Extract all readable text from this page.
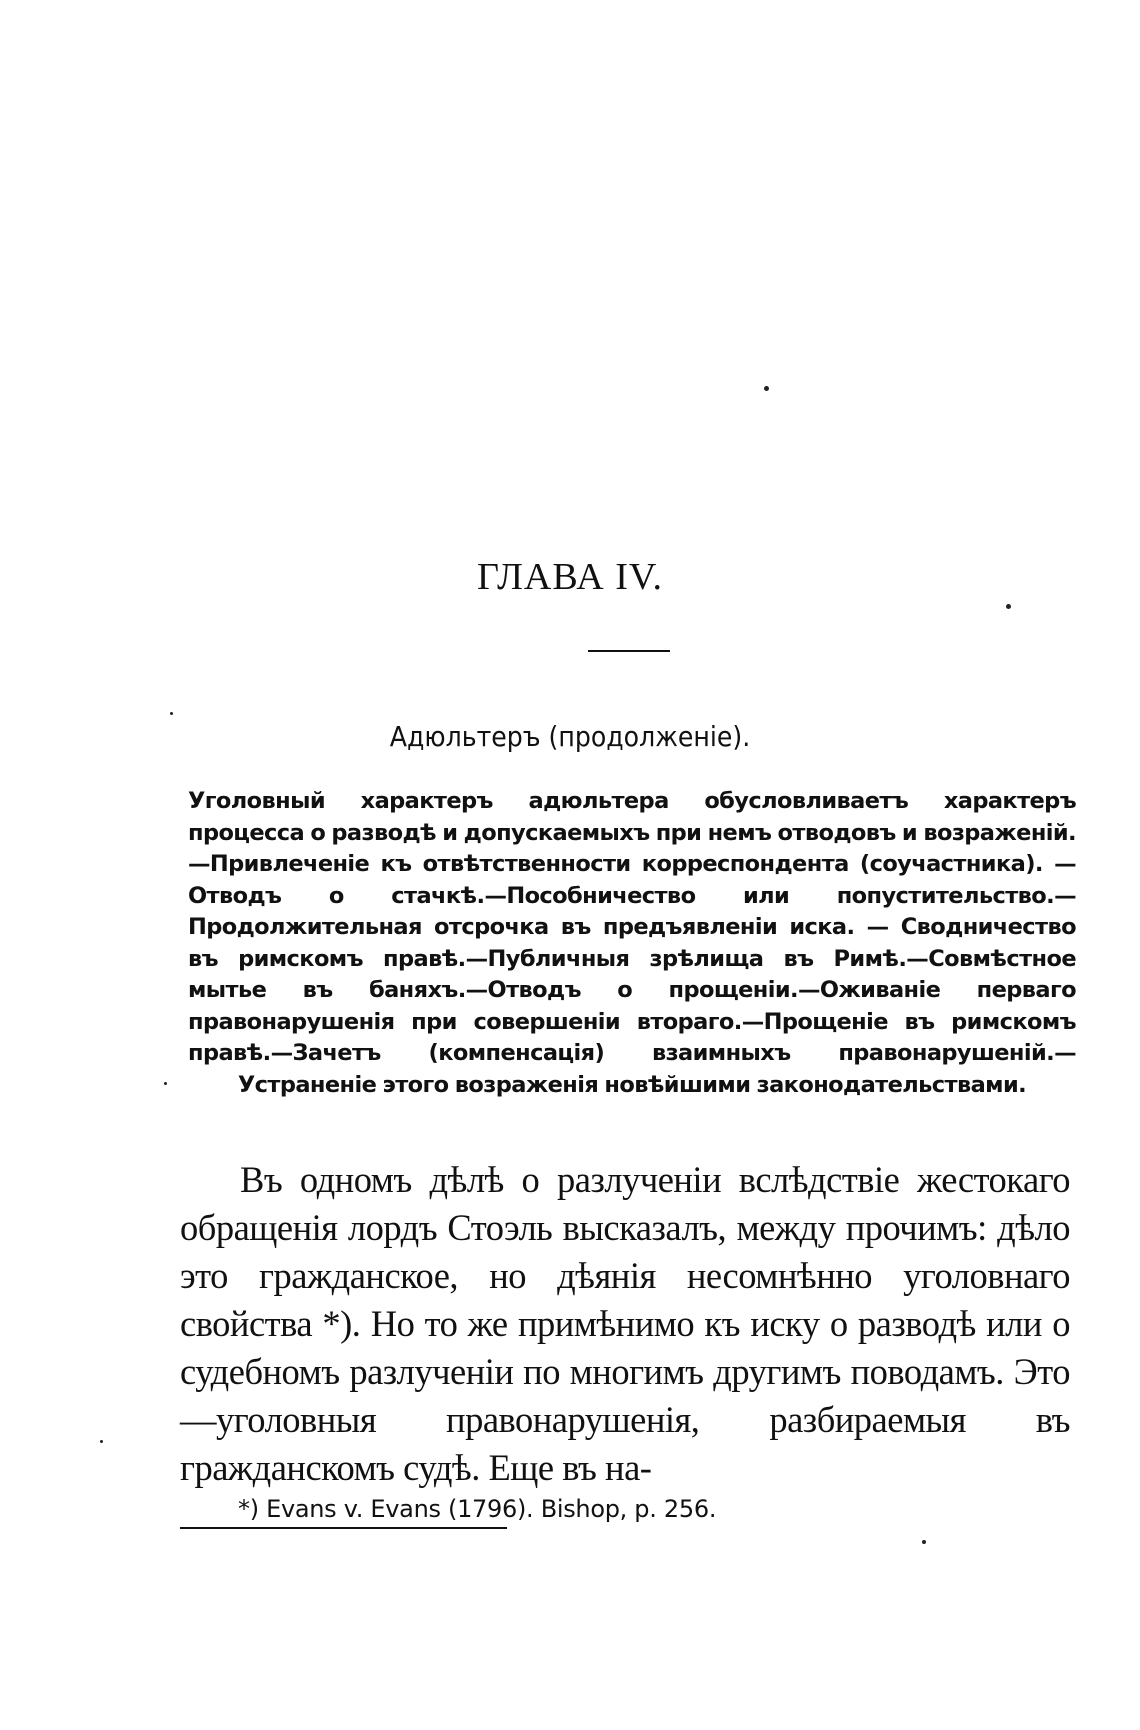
ГЛАВА IV.
Адюльтеръ (продолженіе).
Уголовный характеръ адюльтера обусловливаетъ характеръ процесса о разводѣ и допускаемыхъ при немъ отводовъ и возраженій.—Привлеченіе къ отвѣтственности корреспондента (соучастника). —Отводъ о стачкѣ.—Пособничество или попустительство.—Продолжительная отсрочка въ предъявленіи иска. — Сводничество въ римскомъ правѣ.—Публичныя зрѣлища въ Римѣ.—Совмѣстное мытье въ баняхъ.—Отводъ о прощеніи.—Оживаніе перваго правонарушенія при совершеніи втораго.—Прощеніе въ римскомъ правѣ.—Зачетъ (компенсація) взаимныхъ правонарушеній.—Устраненіе этого возраженія новѣйшими законодательствами.
Въ одномъ дѣлѣ о разлученіи вслѣдствіе жестокаго обращенія лордъ Стоэль высказалъ, между прочимъ: дѣло это гражданское, но дѣянія несомнѣнно уголовнаго свойства *). Но то же примѣнимо къ иску о разводѣ или о судебномъ разлученіи по многимъ другимъ поводамъ. Это—уголовныя правонарушенія, разбираемыя въ гражданскомъ судѣ. Еще въ на-
*) Evans v. Evans (1796). Bishop, p. 256.
